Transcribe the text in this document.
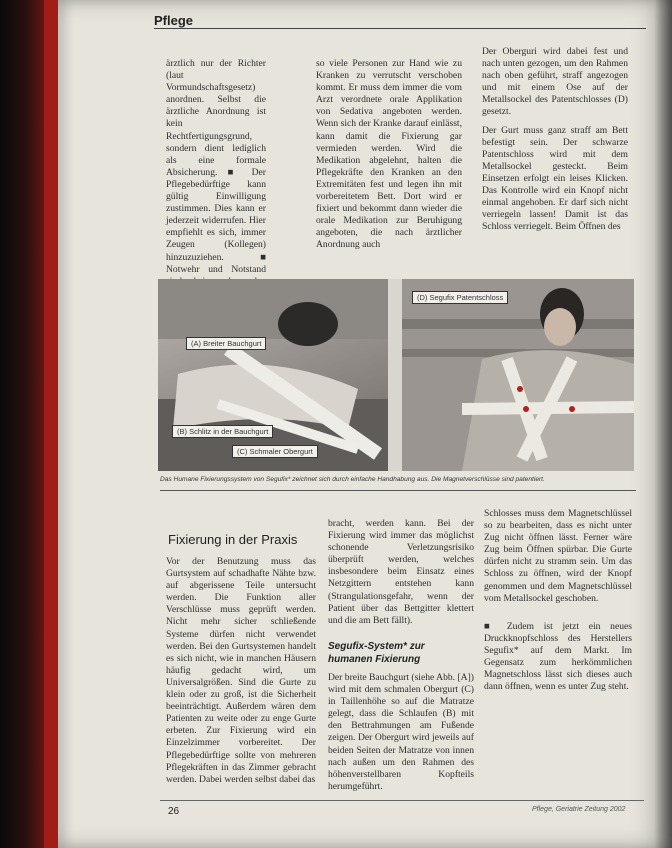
Pflege

ärztlich nur der Richter (laut Vormundschaftsgesetz) anordnen. Selbst die ärztliche Anordnung ist kein Rechtfertigungsgrund, sondern dient lediglich als eine formale Absicherung. ■ Der Pflegebedürftige kann gültig Einwilligung zustimmen. Dies kann er jederzeit widerrufen. Hier empfiehlt es sich, immer Zeugen (Kollegen) hinzuzuziehen. ■ Notwehr und Notstand

so viele Personen zur Hand wie zu Kranken zu verrutscht verschoben kommt. Er muss dem immer die vom Arzt verordnete orale Applikation von Sedativa angeboten werden. Wenn sich der Kranke darauf einlässt, kann damit die Fixierung gar vermieden werden. Wird die Medikation abgelehnt, halten die Pflegekräfte den Kranken an den Extremitäten fest und legen ihn mit vorbereitetem Bett. Dort wird er fixiert und bekommt dann wieder die orale Medikation zur Beruhigung angeboten, die nach ärztlicher Anordnung auch

Der Oberguri wird dabei fest und nach unten gezogen, um den Rahmen nach oben geführt, straff angezogen und mit einem Ose auf der Metallsockel des Patentschlosses (D) gesetzt.

Der Gurt muss ganz straff am Bett befestigt sein. Der schwarze Patentschloss wird mit dem Metallsockel gesteckt. Beim Einsetzen erfolgt ein leises Klicken. Das Kontrolle wird ein Knopf nicht einmal angehoben. Er darf sich nicht verriegeln lassen! Damit ist das Schloss verriegelt. Beim Öffnen des

(A) Breiter Bauchgurt
(B) Schlitz in der Bauchgurt
(C) Schmaler Obergurt
(D) Segufix Patentschloss
Das Humane Fixierungssystem von Segufix* zeichnet sich durch einfache Handhabung aus. Die Magnetverschlüsse sind patentiert.
Fixierung in der Praxis

Vor der Benutzung muss das Gurtsystem auf schadhafte Nähte bzw. auf abgerissene Teile untersucht werden. Die Funktion aller Verschlüsse muss geprüft werden. Nicht mehr sicher schließende Systeme dürfen nicht verwendet werden. Bei den Gurtsystemen handelt es sich nicht, wie in manchen Häusern häufig gedacht wird, um Universalgrößen. Sind die Gurte zu klein oder zu groß, ist die Sicherheit beeinträchtigt. Außerdem wären dem Patienten zu weite oder zu enge Gurte erbeten. Zur Fixierung wird ein Einzelzimmer vorbereitet. Der Pflegebedürftige sollte von mehreren Pflegekräften in das Zimmer gebracht werden. Dabei werden selbst dabei das

bracht, werden kann. Bei der Fixierung wird immer das möglichst schonende Verletzungsrisiko überprüft werden, welches insbesondere beim Einsatz eines Netzgittern entstehen kann (Strangulationsgefahr, wenn der Patient über das Bettgitter klettert und die am Bett fällt).

Segufix-System* zur humanen Fixierung

Der breite Bauchgurt (siehe Abb. [A]) wird mit dem schmalen Obergurt (C) in Taillenhöhe so auf die Matratze gelegt, dass die Schlaufen (B) mit den Bettrahmungen am Fußende zeigen. Der Obergurt wird jeweils auf beiden Seiten der Matratze von innen nach außen um den Rahmen des höhenverstellbaren Kopfteils herumgeführt.

Schlosses muss dem Magnetschlüssel so zu bearbeiten, dass es nicht unter Zug nicht öffnen lässt. Ferner wäre Zug beim Öffnen spürbar. Die Gurte dürfen nicht zu stramm sein. Um das Schloss zu öffnen, wird der Knopf genommen und dem Magnetschlüssel vom Metallsockel geschoben.

■ Zudem ist jetzt ein neues Druckknopfschloss des Herstellers Segufix* auf dem Markt. Im Gegensatz zum herkömmlichen Magnetschloss lässt sich dieses auch dann öffnen, wenn es unter Zug steht.

26	Pflege, Geriatrie Zeitung 2002
